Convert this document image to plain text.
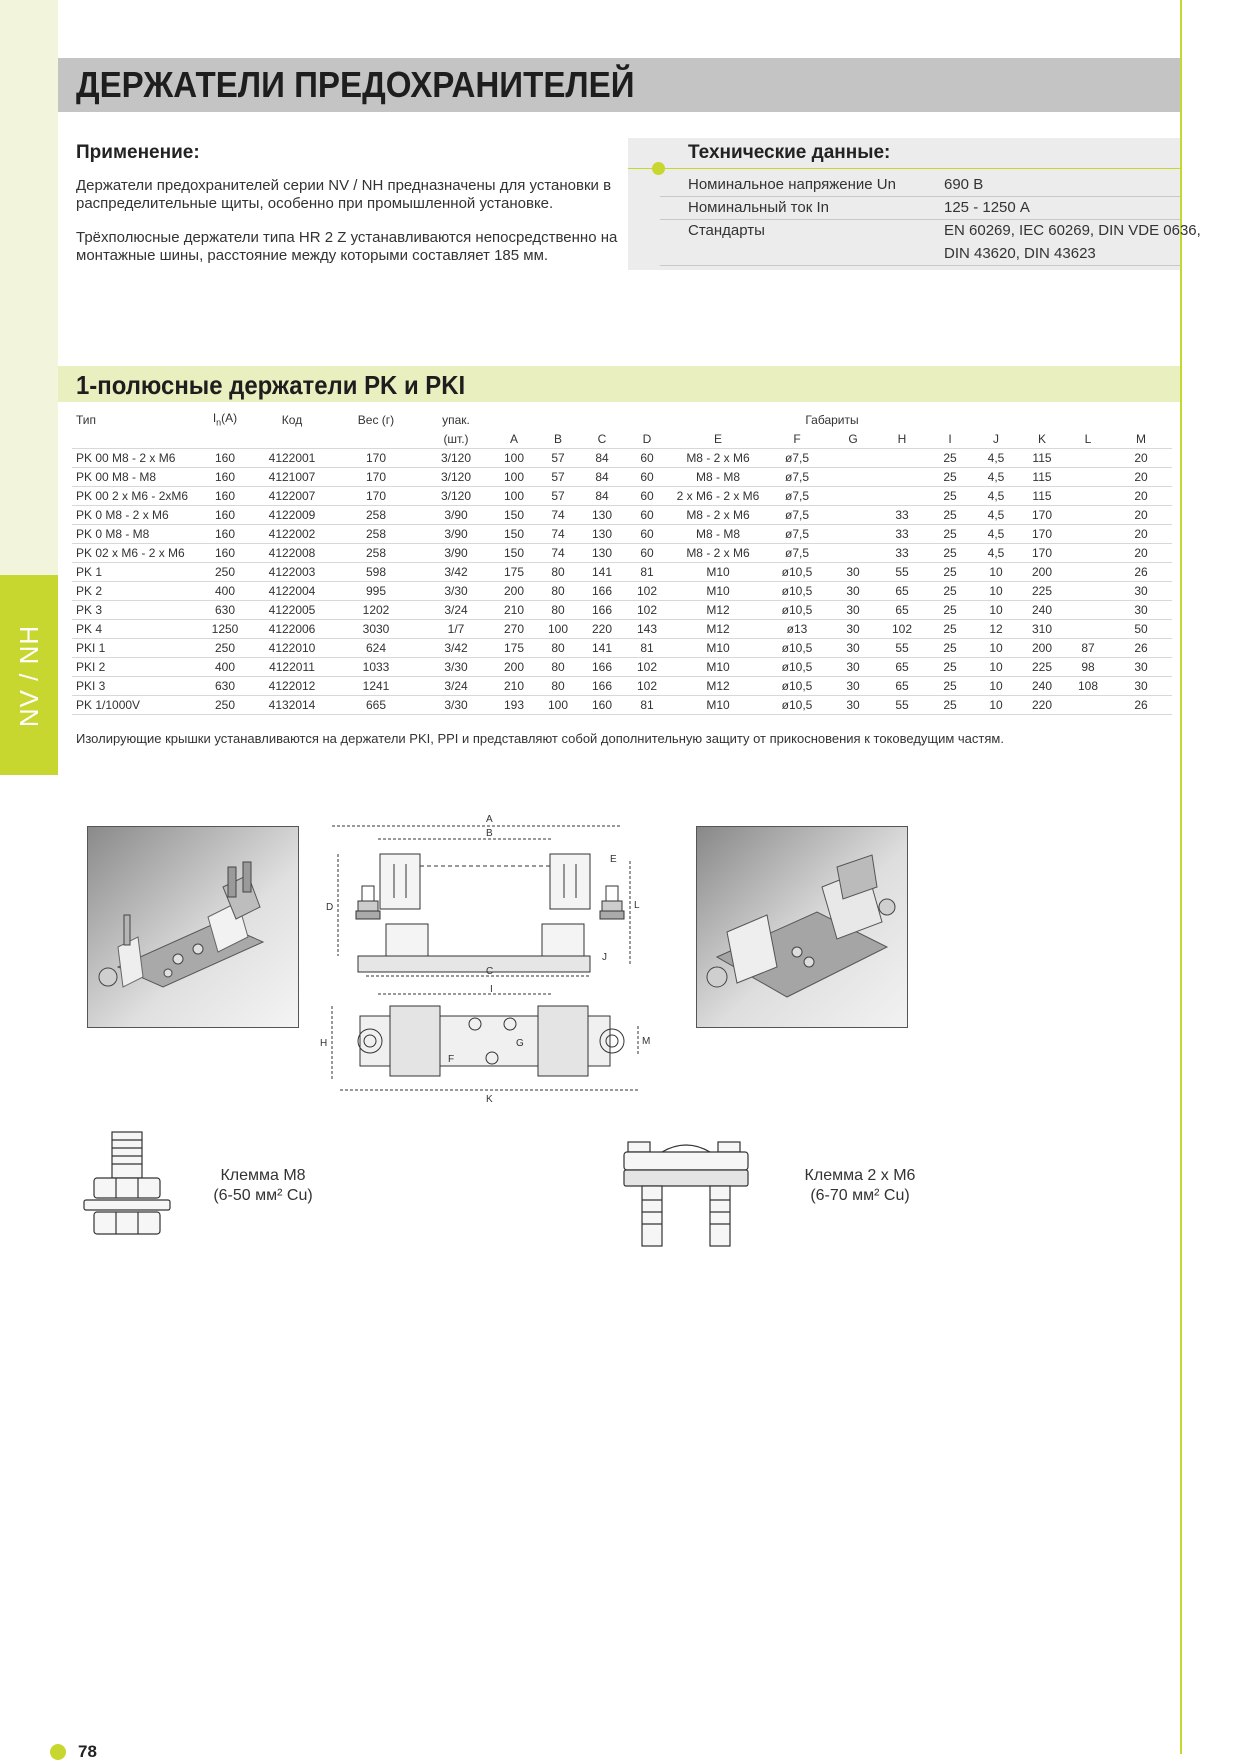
NV / NH
ДЕРЖАТЕЛИ ПРЕДОХРАНИТЕЛЕЙ
Применение:
Держатели предохранителей серии NV / NH предназначены для установки в распределительные щиты, особенно при промышленной установке.
Трёхполюсные держатели типа HR 2 Z устанавливаются непосредственно на монтажные шины, расстояние между которыми составляет 185 мм.
Технические данные:
Номинальное напряжение Un	690 В
Номинальный ток In	125 - 1250 А
Стандарты	EN 60269, IEC 60269, DIN VDE 0636,
DIN 43620, DIN 43623
1-полюсные держатели PK и PKI
Тип	$I_n(A)$	Код	Вес (г)	упак.	Габариты												
				(шт.)	A	B	C	D	E	F	G	H	I	J	K	L	M
PK 00 M8 - 2 x M6	160	4122001	170	3/120	100	57	84	60	M8 - 2 x M6	ø7,5			25	4,5	115		20
PK 00 M8 - M8	160	4121007	170	3/120	100	57	84	60	M8 - M8	ø7,5			25	4,5	115		20
PK 00 2 x M6 - 2xM6	160	4122007	170	3/120	100	57	84	60	2 x M6 - 2 x M6	ø7,5			25	4,5	115		20
PK 0 M8 - 2 x M6	160	4122009	258	3/90	150	74	130	60	M8 - 2 x M6	ø7,5		33	25	4,5	170		20
PK 0 M8 - M8	160	4122002	258	3/90	150	74	130	60	M8 - M8	ø7,5		33	25	4,5	170		20
PK 02 x M6 - 2 x M6	160	4122008	258	3/90	150	74	130	60	M8 - 2 x M6	ø7,5		33	25	4,5	170		20
PK 1	250	4122003	598	3/42	175	80	141	81	M10	ø10,5	30	55	25	10	200		26
PK 2	400	4122004	995	3/30	200	80	166	102	M10	ø10,5	30	65	25	10	225		30
PK 3	630	4122005	1202	3/24	210	80	166	102	M12	ø10,5	30	65	25	10	240		30
PK 4	1250	4122006	3030	1/7	270	100	220	143	M12	ø13	30	102	25	12	310		50
PKI 1	250	4122010	624	3/42	175	80	141	81	M10	ø10,5	30	55	25	10	200	87	26
PKI 2	400	4122011	1033	3/30	200	80	166	102	M10	ø10,5	30	65	25	10	225	98	30
PKI 3	630	4122012	1241	3/24	210	80	166	102	M12	ø10,5	30	65	25	10	240	108	30
PK 1/1000V	250	4132014	665	3/30	193	100	160	81	M10	ø10,5	30	55	25	10	220		26
Изолирующие крышки устанавливаются на держатели PKI, PPI и представляют собой дополнительную защиту от прикосновения к токоведущим частям.
A
B
C
D
E
L
J
I
H	G
F
K
M
Клемма M8
(6-50 мм² Cu)
Клемма 2 x M6
(6-70 мм² Cu)
78
